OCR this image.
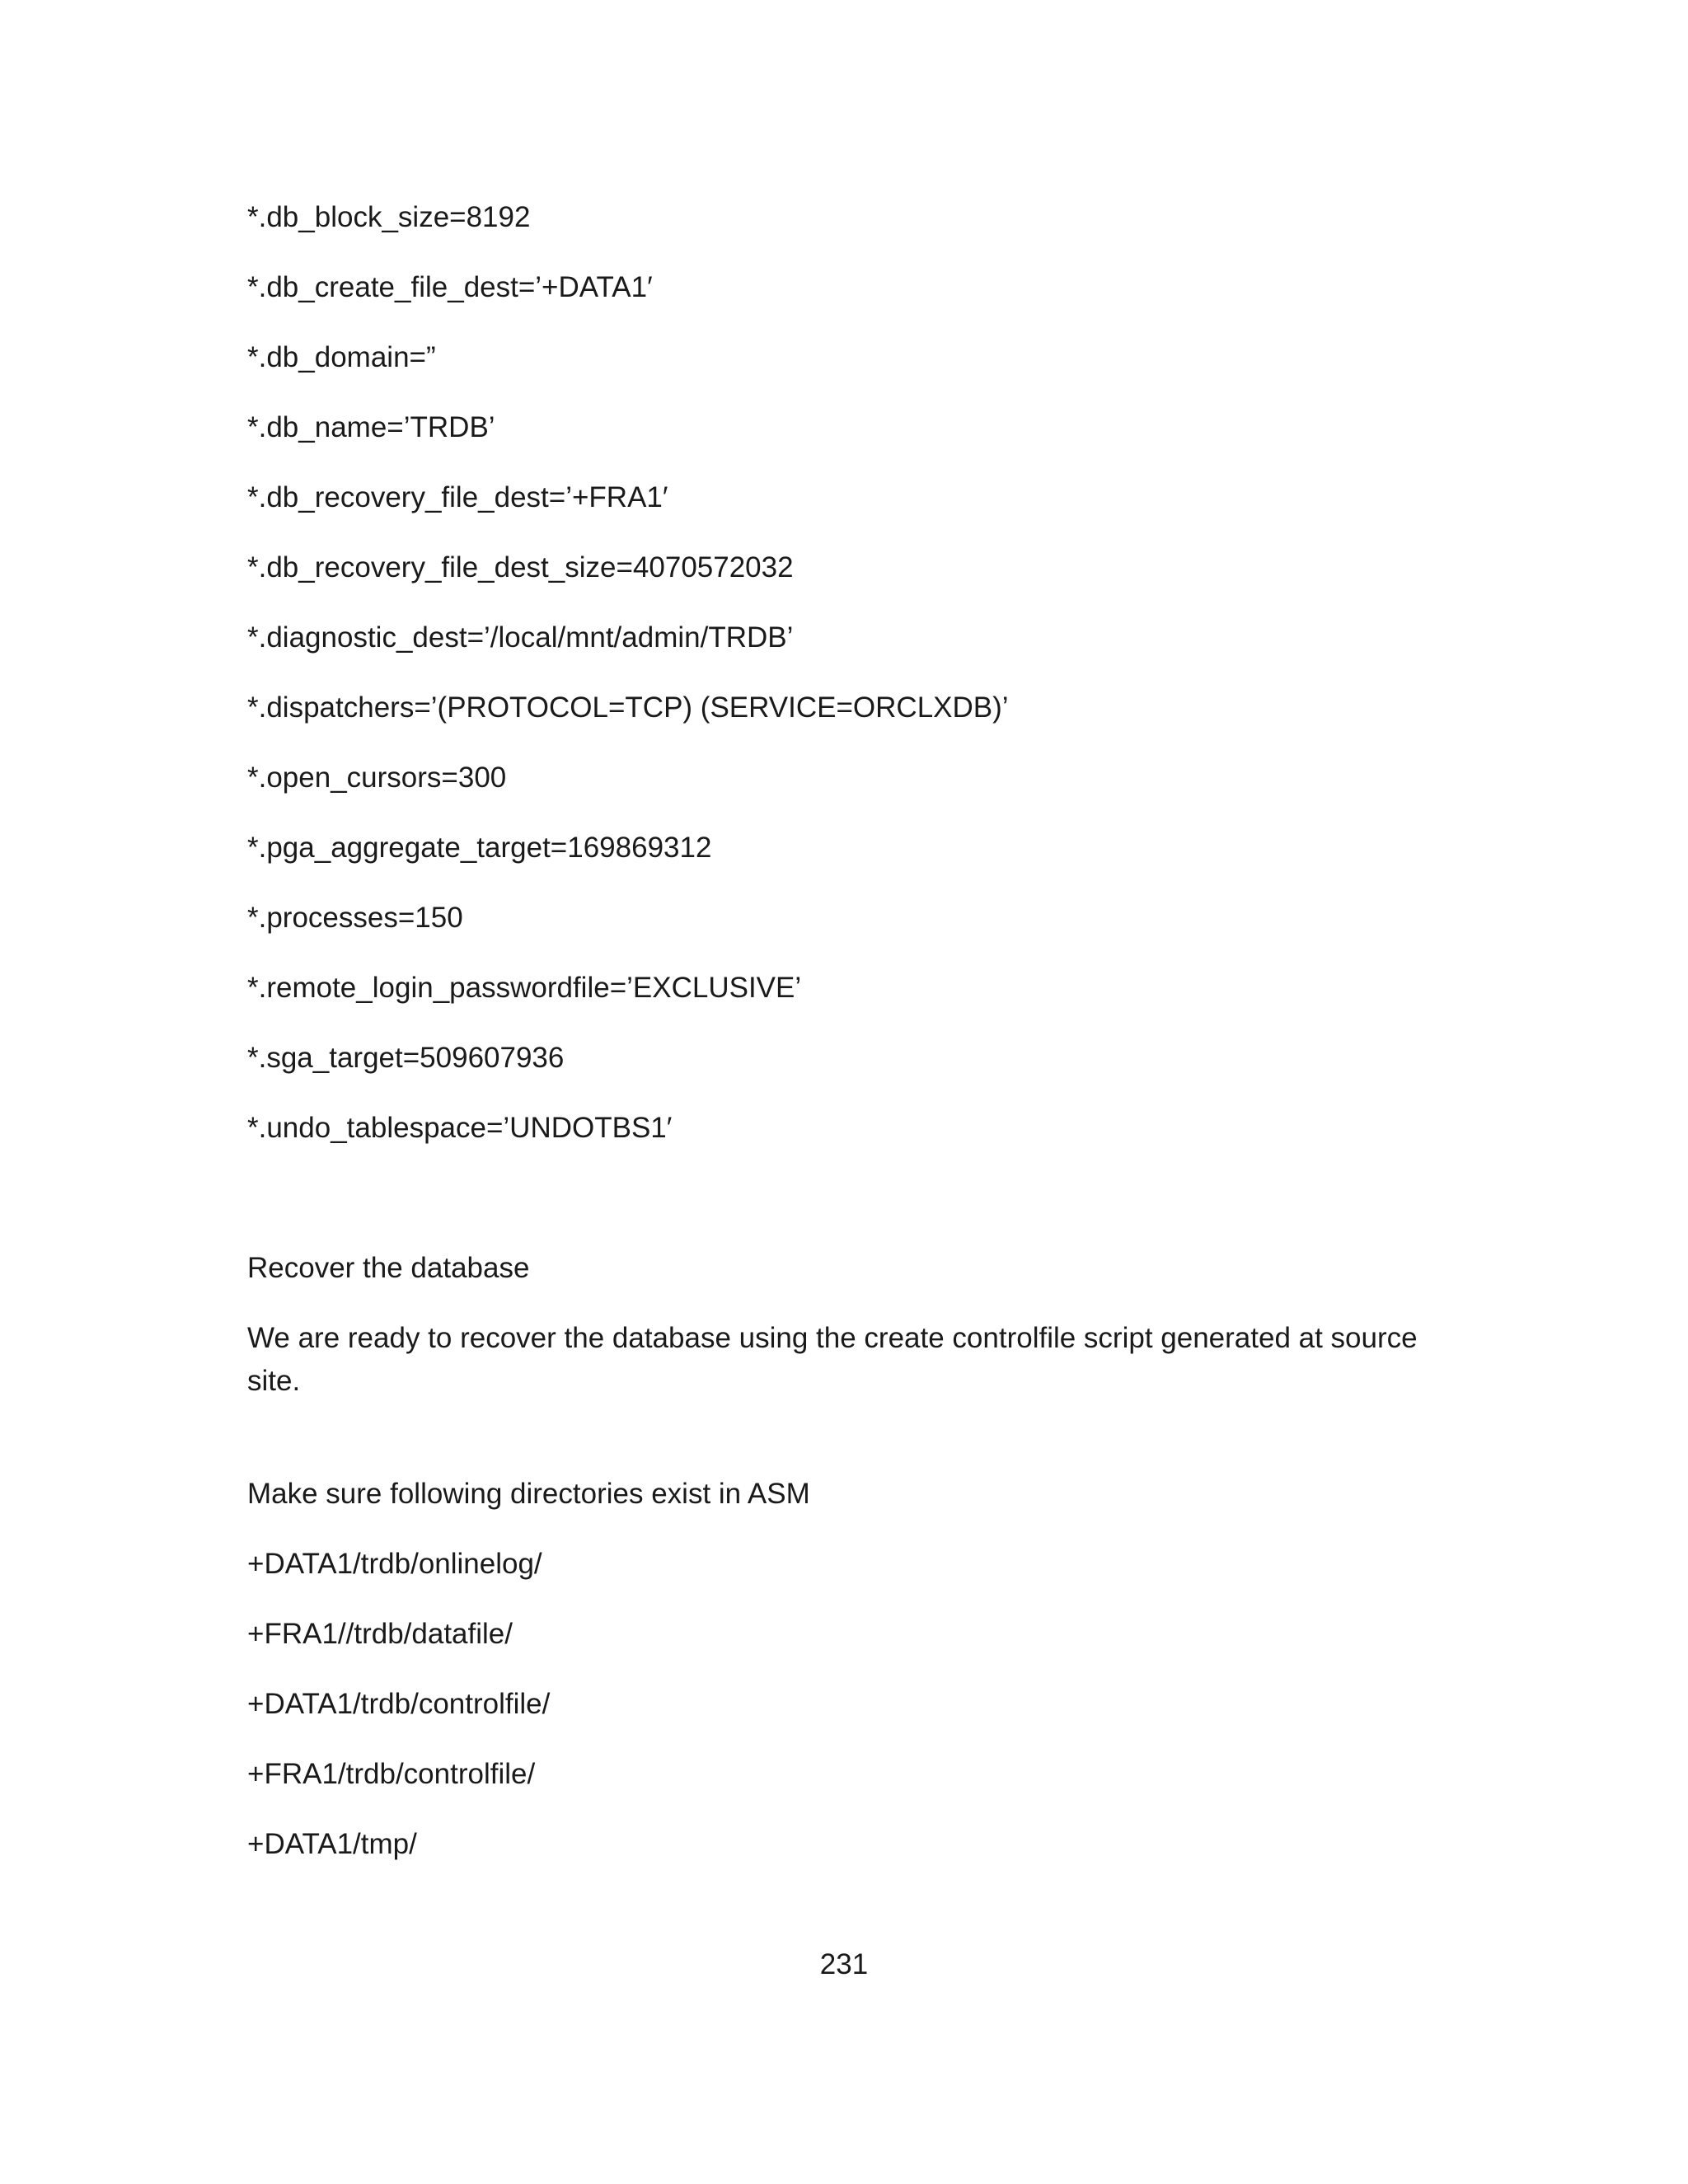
*.db_block_size=8192
*.db_create_file_dest=’+DATA1′
*.db_domain=”
*.db_name=’TRDB’
*.db_recovery_file_dest=’+FRA1′
*.db_recovery_file_dest_size=4070572032
*.diagnostic_dest=’/local/mnt/admin/TRDB’
*.dispatchers=’(PROTOCOL=TCP) (SERVICE=ORCLXDB)’
*.open_cursors=300
*.pga_aggregate_target=169869312
*.processes=150
*.remote_login_passwordfile=’EXCLUSIVE’
*.sga_target=509607936
*.undo_tablespace=’UNDOTBS1′
Recover the database
We are ready to recover the database using the create controlfile script generated at source site.
Make sure following directories exist in ASM
+DATA1/trdb/onlinelog/
+FRA1//trdb/datafile/
+DATA1/trdb/controlfile/
+FRA1/trdb/controlfile/
+DATA1/tmp/
231
